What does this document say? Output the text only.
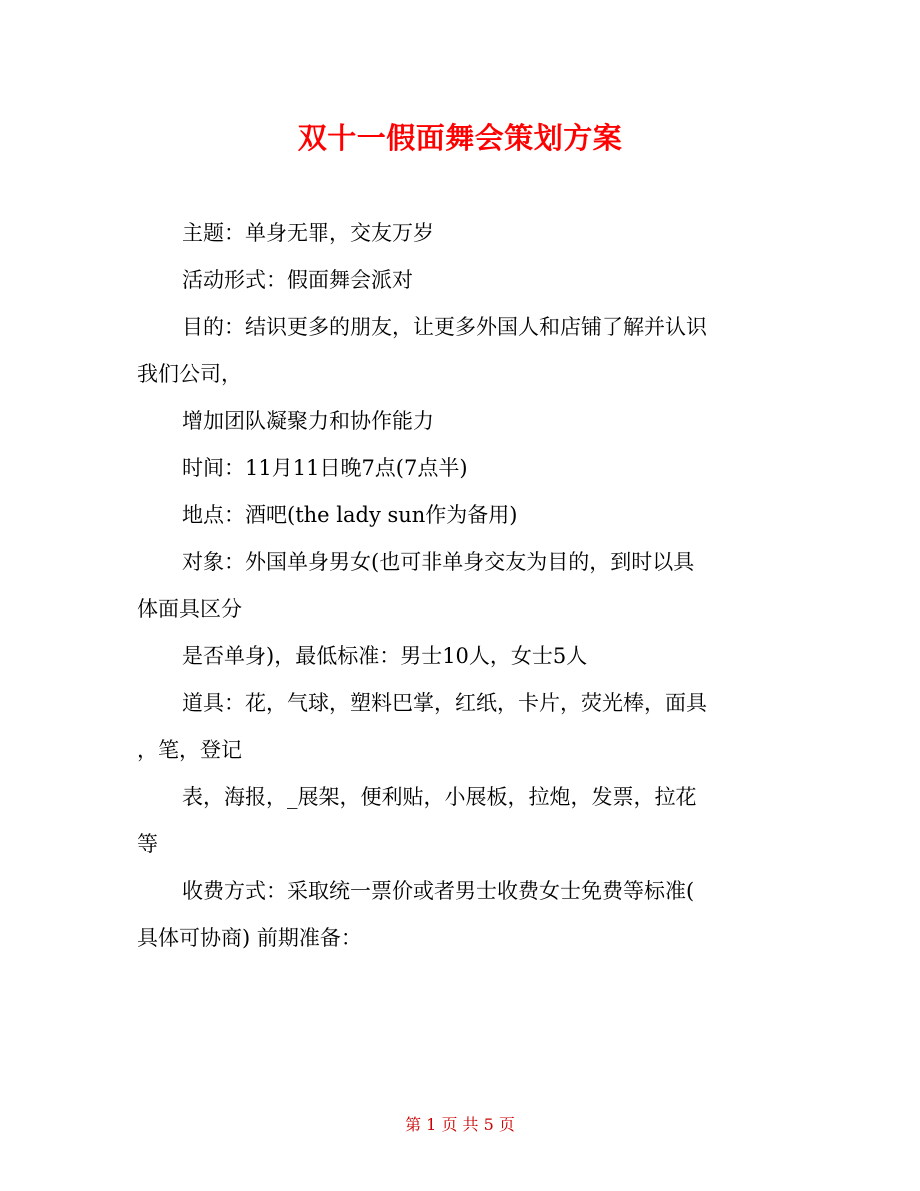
双十一假面舞会策划方案

主题：单身无罪，交友万岁

活动形式：假面舞会派对

目的：结识更多的朋友，让更多外国人和店铺了解并认识

我们公司，

增加团队凝聚力和协作能力

时间：11月11日晚7点(7点半)

地点：酒吧(the lady sun作为备用)

对象：外国单身男女(也可非单身交友为目的，到时以具

体面具区分

是否单身)，最低标准：男士10人，女士5人

道具：花，气球，塑料巴掌，红纸，卡片，荧光棒，面具

，笔，登记

表，海报，_展架，便利贴，小展板，拉炮，发票，拉花

等

收费方式：采取统一票价或者男士收费女士免费等标准(

具体可协商) 前期准备：

第 1 页 共 5 页
